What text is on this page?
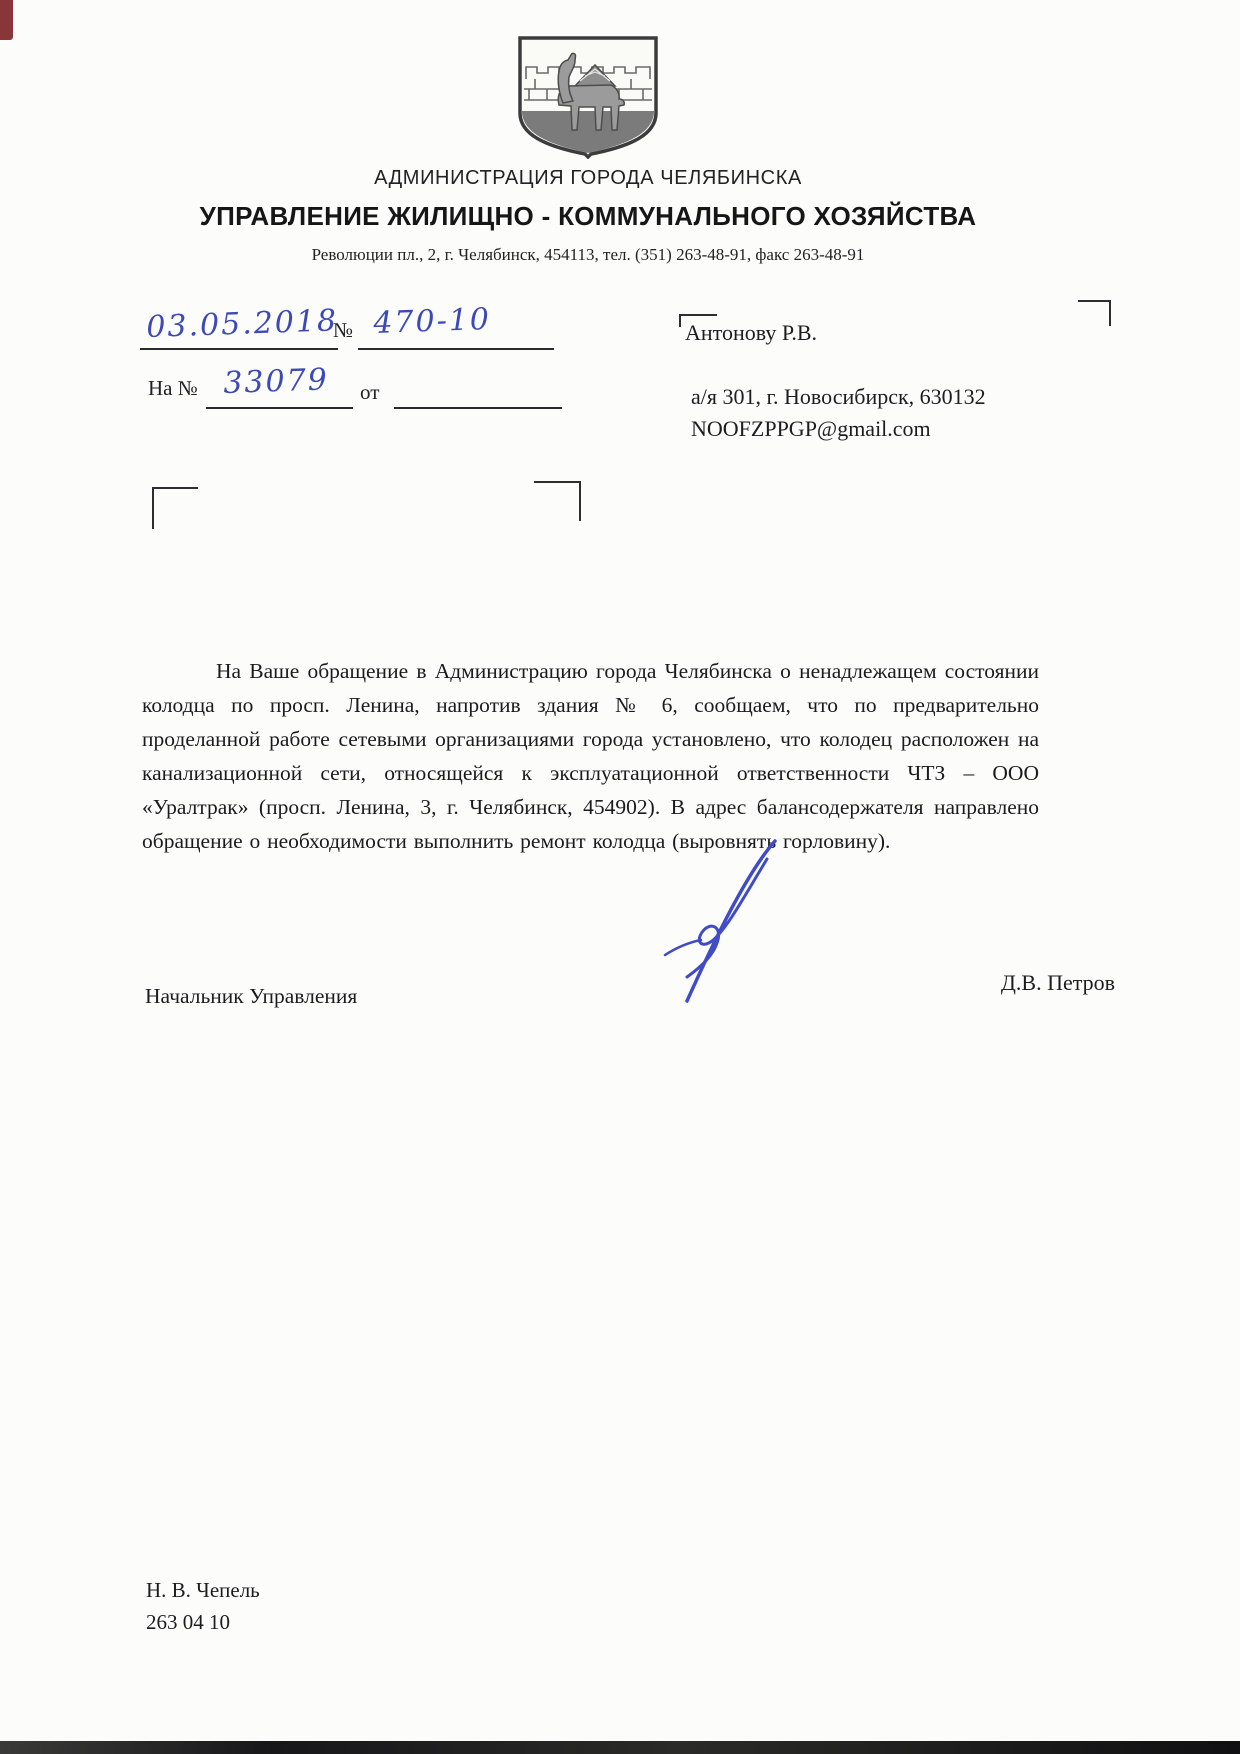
АДМИНИСТРАЦИЯ ГОРОДА ЧЕЛЯБИНСКА
УПРАВЛЕНИЕ ЖИЛИЩНО - КОММУНАЛЬНОГО ХОЗЯЙСТВА
Революции пл., 2, г. Челябинск, 454113, тел. (351) 263-48-91, факс 263-48-91
03.05.2018
№ 470-10
На № 33079 от
Антонову Р.В.
а/я 301, г. Новосибирск, 630132
NOOFZPPGP@gmail.com

На Ваше обращение в Администрацию города Челябинска о ненадлежащем состоянии колодца по просп. Ленина, напротив здания № 6, сообщаем, что по предварительно проделанной работе сетевыми организациями города установлено, что колодец расположен на канализационной сети, относящейся к эксплуатационной ответственности ЧТЗ – ООО «Уралтрак» (просп. Ленина, 3, г. Челябинск, 454902). В адрес балансодержателя направлено обращение о необходимости выполнить ремонт колодца (выровнять горловину).

Начальник Управления
Д.В. Петров
Н. В. Чепель
263 04 10
